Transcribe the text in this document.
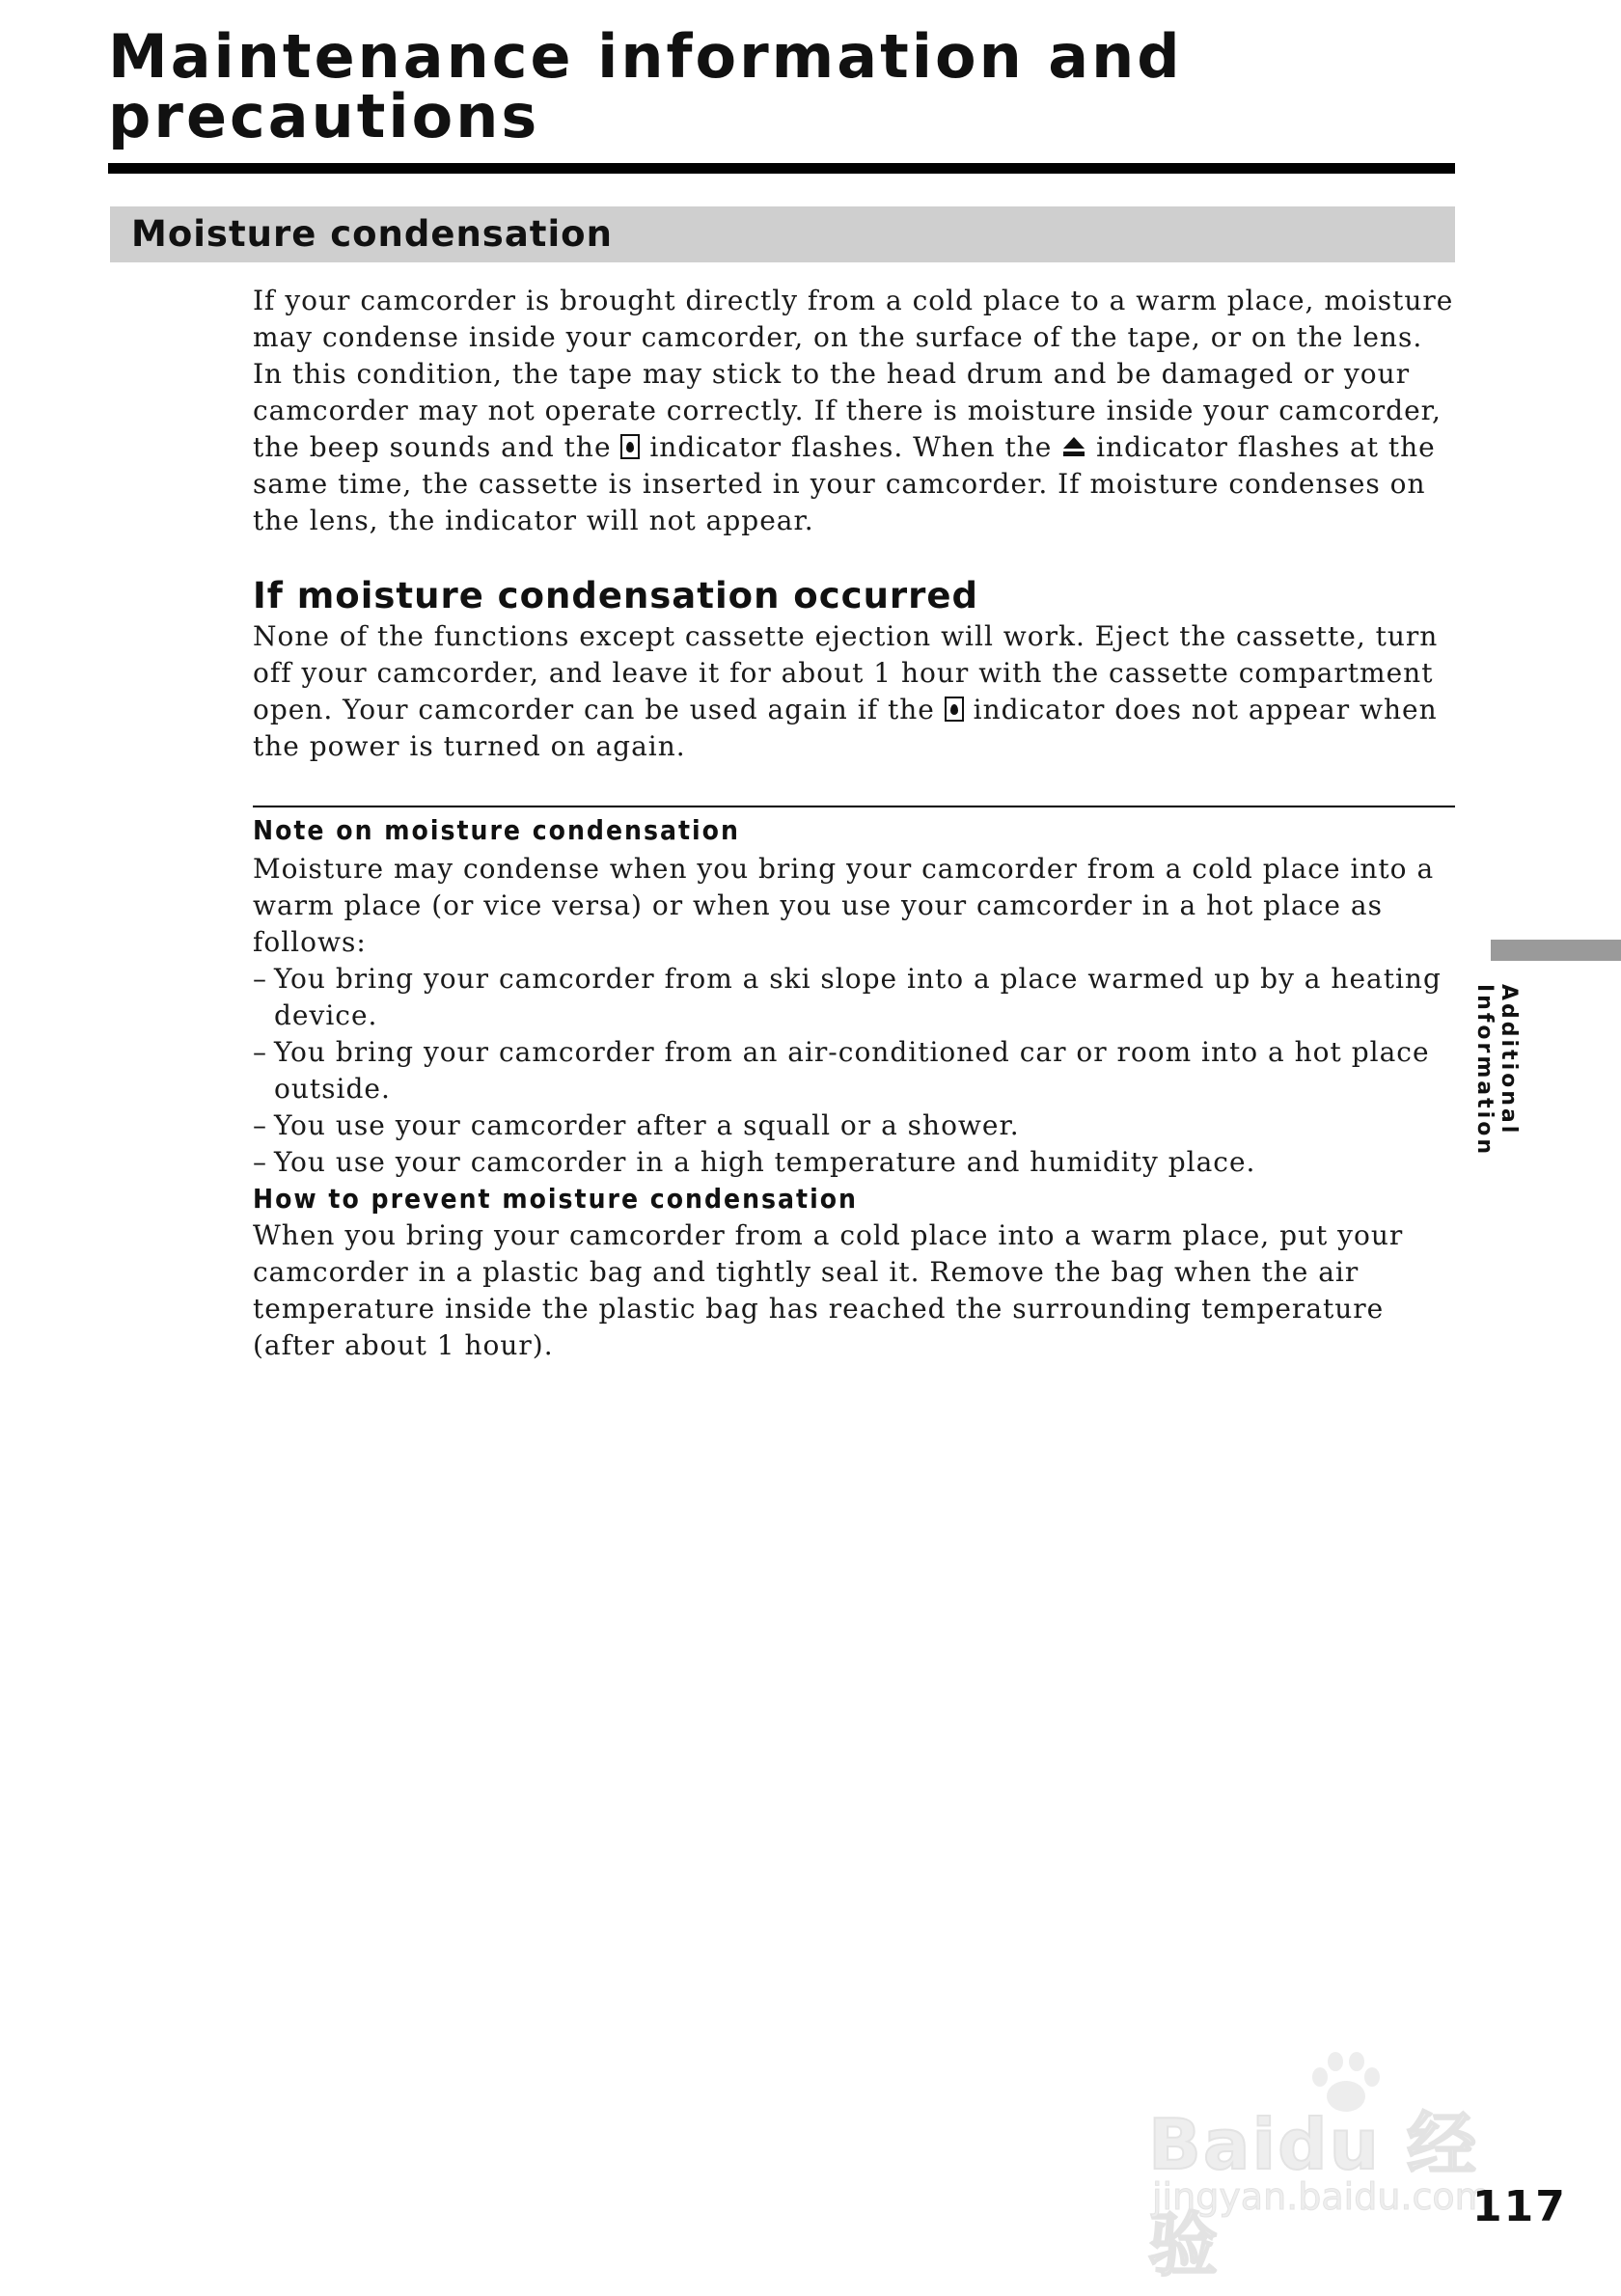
Maintenance information and
precautions
Moisture condensation

If your camcorder is brought directly from a cold place to a warm place, moisture may condense inside your camcorder, on the surface of the tape, or on the lens. In this condition, the tape may stick to the head drum and be damaged or your camcorder may not operate correctly. If there is moisture inside your camcorder, the beep sounds and the  indicator flashes. When the  indicator flashes at the same time, the cassette is inserted in your camcorder. If moisture condenses on the lens, the indicator will not appear.

If moisture condensation occurred

None of the functions except cassette ejection will work. Eject the cassette, turn off your camcorder, and leave it for about 1 hour with the cassette compartment open. Your camcorder can be used again if the  indicator does not appear when the power is turned on again.

Note on moisture condensation

Moisture may condense when you bring your camcorder from a cold place into a warm place (or vice versa) or when you use your camcorder in a hot place as follows:

– You bring your camcorder from a ski slope into a place warmed up by a heating device.
– You bring your camcorder from an air-conditioned car or room into a hot place outside.
– You use your camcorder after a squall or a shower.
– You use your camcorder in a high temperature and humidity place.
How to prevent moisture condensation

When you bring your camcorder from a cold place into a warm place, put your camcorder in a plastic bag and tightly seal it. Remove the bag when the air temperature inside the plastic bag has reached the surrounding temperature (after about 1 hour).

Additional Information
Baidu 经验
jingyan.baidu.com
117
